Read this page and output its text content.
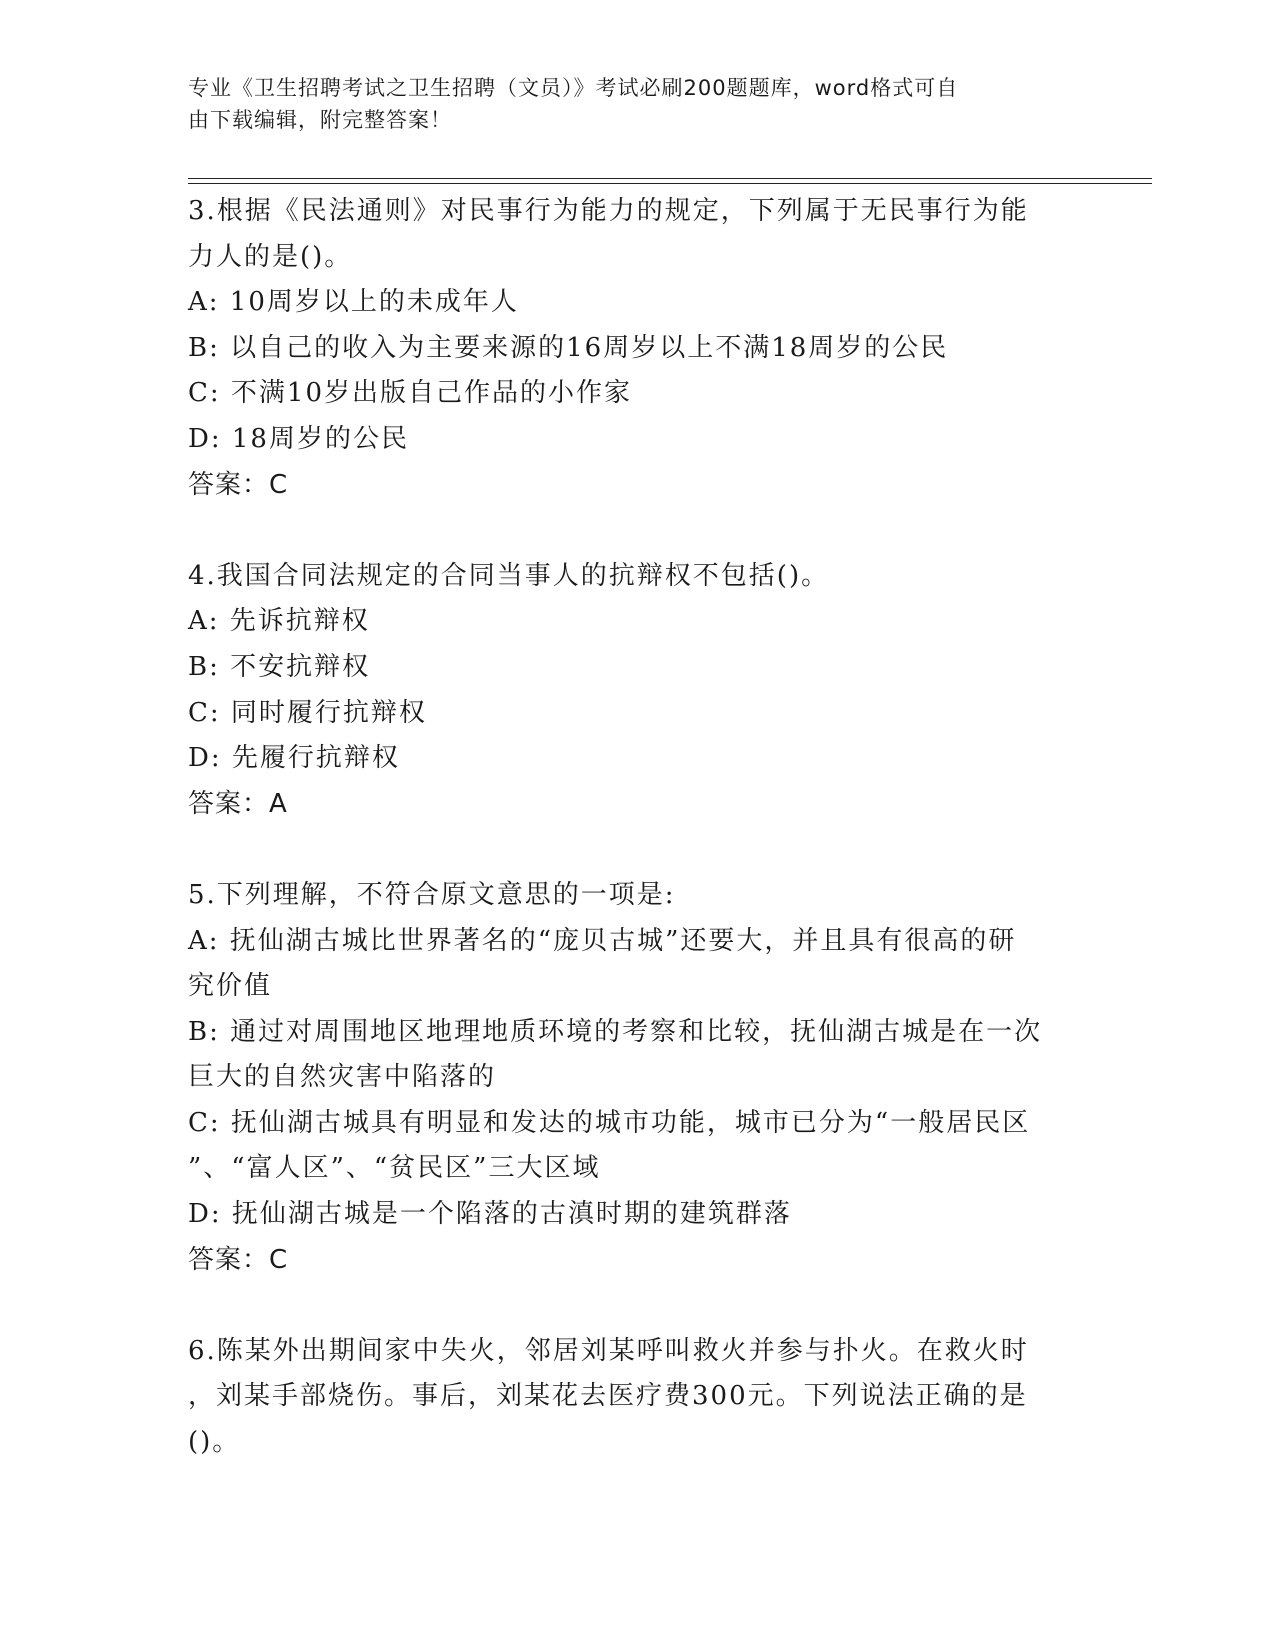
专业《卫生招聘考试之卫生招聘（文员）》考试必刷200题题库，word格式可自
由下载编辑，附完整答案！
3.根据《民法通则》对民事行为能力的规定，下列属于无民事行为能
力人的是()。
A: 10周岁以上的未成年人
B: 以自己的收入为主要来源的16周岁以上不满18周岁的公民
C: 不满10岁出版自己作品的小作家
D: 18周岁的公民
答案：C
4.我国合同法规定的合同当事人的抗辩权不包括()。
A: 先诉抗辩权
B: 不安抗辩权
C: 同时履行抗辩权
D: 先履行抗辩权
答案：A
5.下列理解，不符合原文意思的一项是:
A: 抚仙湖古城比世界著名的“庞贝古城”还要大，并且具有很高的研
究价值
B: 通过对周围地区地理地质环境的考察和比较，抚仙湖古城是在一次
巨大的自然灾害中陷落的
C: 抚仙湖古城具有明显和发达的城市功能，城市已分为“一般居民区
”、“富人区”、“贫民区”三大区域
D: 抚仙湖古城是一个陷落的古滇时期的建筑群落
答案：C
6.陈某外出期间家中失火，邻居刘某呼叫救火并参与扑火。在救火时
，刘某手部烧伤。事后，刘某花去医疗费300元。下列说法正确的是
()。
